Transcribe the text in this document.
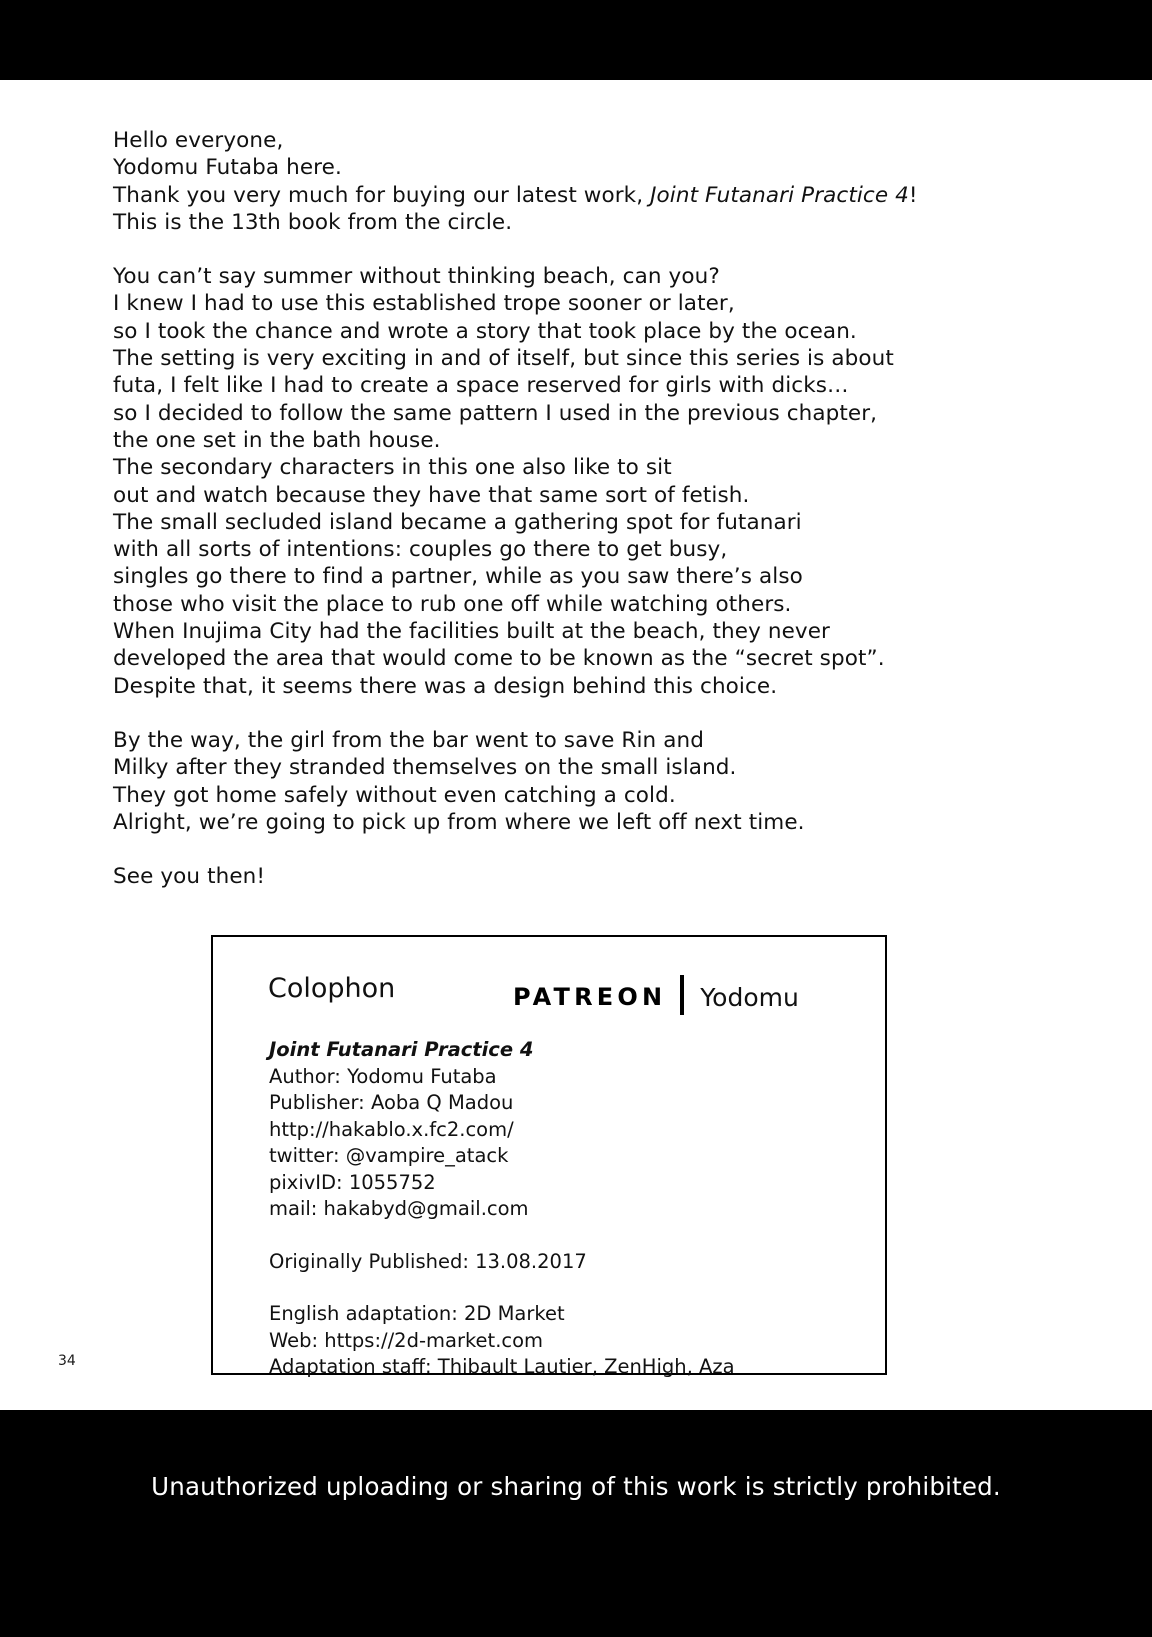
Hello everyone,
Yodomu Futaba here.
Thank you very much for buying our latest work, Joint Futanari Practice 4!
This is the 13th book from the circle.

You can’t say summer without thinking beach, can you?
I knew I had to use this established trope sooner or later,
so I took the chance and wrote a story that took place by the ocean.
The setting is very exciting in and of itself, but since this series is about
futa, I felt like I had to create a space reserved for girls with dicks…
so I decided to follow the same pattern I used in the previous chapter,
the one set in the bath house.
The secondary characters in this one also like to sit
out and watch because they have that same sort of fetish.
The small secluded island became a gathering spot for futanari
with all sorts of intentions: couples go there to get busy,
singles go there to find a partner, while as you saw there’s also
those who visit the place to rub one off while watching others.
When Inujima City had the facilities built at the beach, they never
developed the area that would come to be known as the “secret spot”.
Despite that, it seems there was a design behind this choice.

By the way, the girl from the bar went to save Rin and
Milky after they stranded themselves on the small island.
They got home safely without even catching a cold.
Alright, we’re going to pick up from where we left off next time.

See you then!

34
Colophon	PATREON Yodomu
Joint Futanari Practice 4
Author: Yodomu Futaba
Publisher: Aoba Q Madou
http://hakablo.x.fc2.com/
twitter: @vampire_atack
pixivID: 1055752
mail: hakabyd@gmail.com
Originally Published: 13.08.2017
English adaptation: 2D Market
Web: https://2d-market.com
Adaptation staff: Thibault Lautier, ZenHigh, Aza
Unauthorized uploading or sharing of this work is strictly prohibited.
